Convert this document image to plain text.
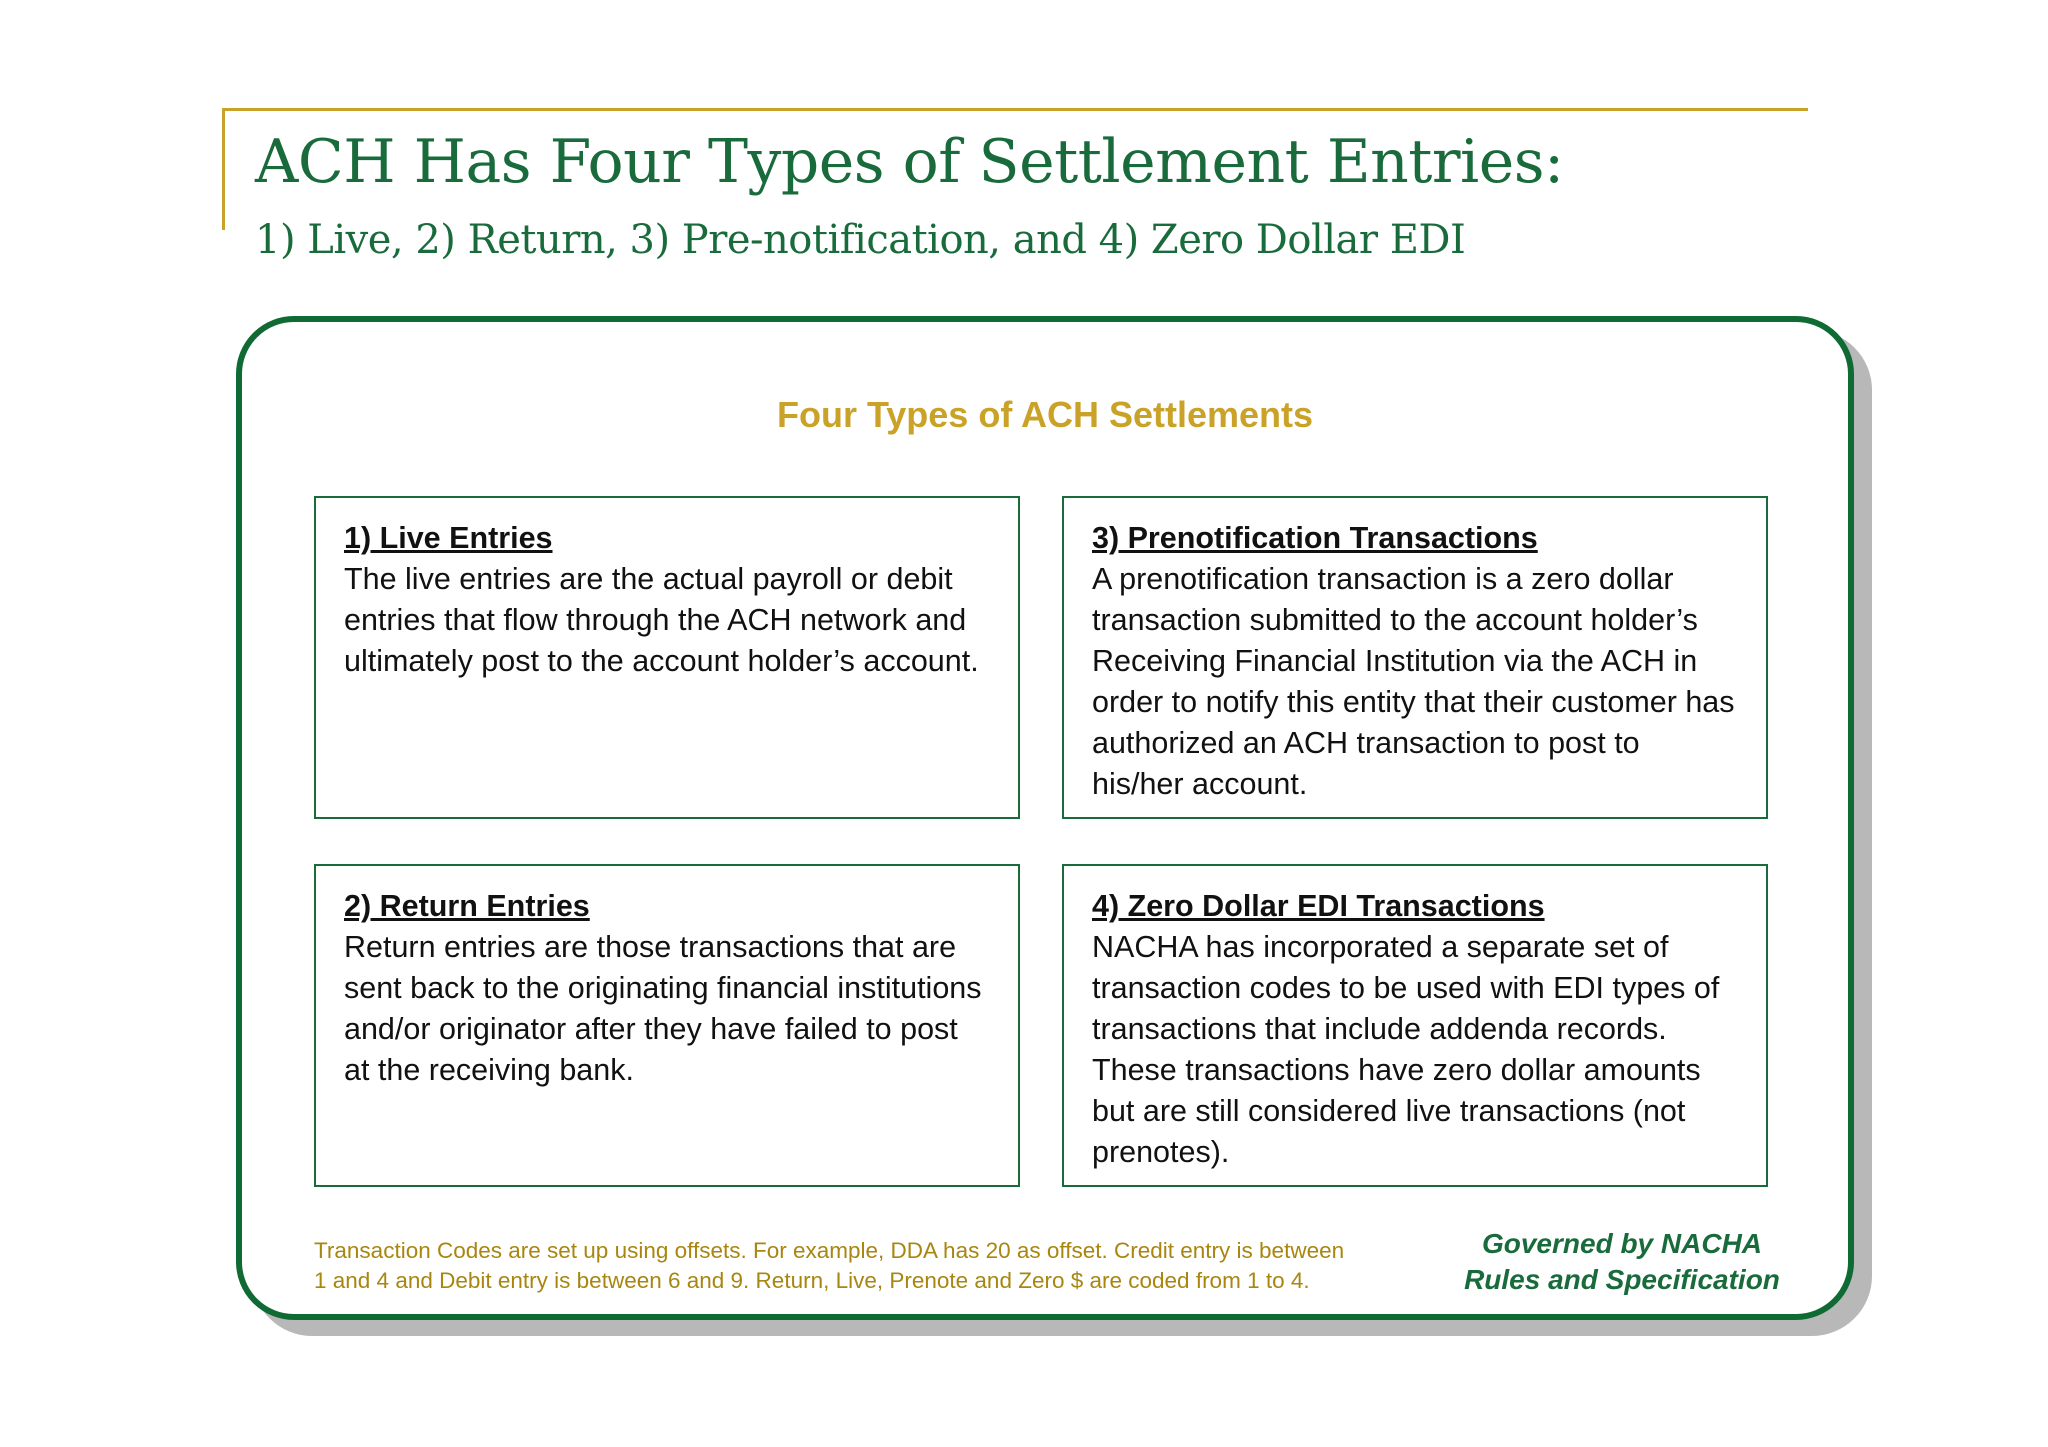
ACH Has Four Types of Settlement Entries:
1) Live, 2) Return, 3) Pre-notification, and 4) Zero Dollar EDI
Four Types of ACH Settlements
1) Live Entries
The live entries are the actual payroll or debit entries that flow through the ACH network and ultimately post to the account holder’s account.
3) Prenotification Transactions
A prenotification transaction is a zero dollar transaction submitted to the account holder’s Receiving Financial Institution via the ACH in order to notify this entity that their customer has authorized an ACH transaction to post to his/her account.
2) Return Entries
Return entries are those transactions that are sent back to the originating financial institutions and/or originator after they have failed to post at the receiving bank.
4) Zero Dollar EDI Transactions
NACHA has incorporated a separate set of transaction codes to be used with EDI types of transactions that include addenda records. These transactions have zero dollar amounts but are still considered live transactions (not prenotes).
Transaction Codes are set up using offsets. For example, DDA has 20 as offset. Credit entry is between
1 and 4 and Debit entry is between 6 and 9. Return, Live, Prenote and Zero $ are coded from 1 to 4.
Governed by NACHA
Rules and Specification
